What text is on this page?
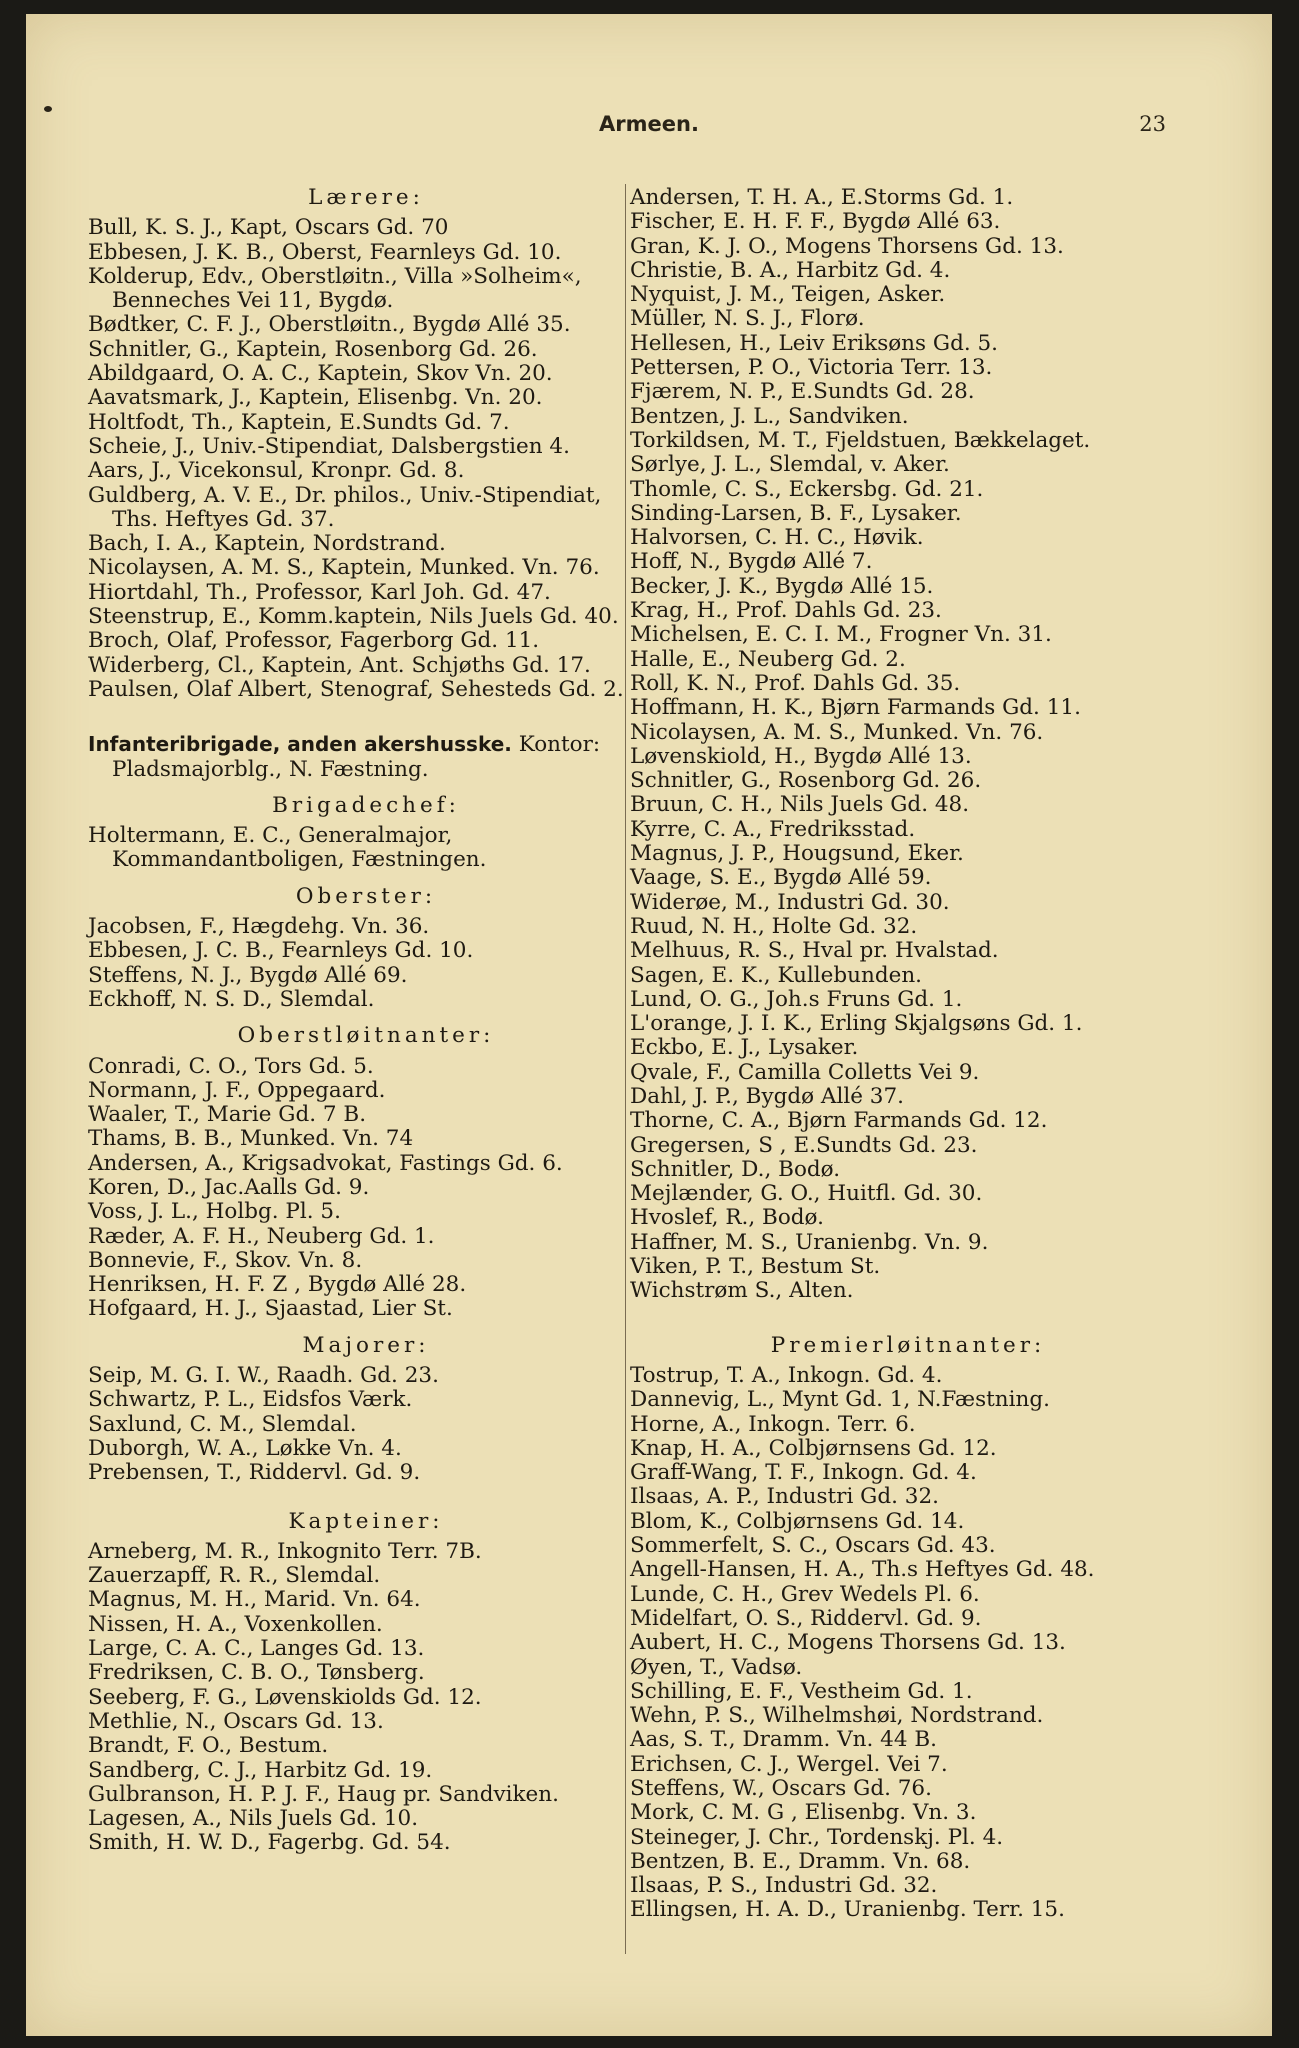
Armeen.	23
Lærere:
Bull, K. S. J., Kapt, Oscars Gd. 70
Ebbesen, J. K. B., Oberst, Fearnleys Gd. 10.
Kolderup, Edv., Oberstløitn., Villa »Solheim«, Benneches Vei 11, Bygdø.
Bødtker, C. F. J., Oberstløitn., Bygdø Allé 35.
Schnitler, G., Kaptein, Rosenborg Gd. 26.
Abildgaard, O. A. C., Kaptein, Skov Vn. 20.
Aavatsmark, J., Kaptein, Elisenbg. Vn. 20.
Holtfodt, Th., Kaptein, E.Sundts Gd. 7.
Scheie, J., Univ.-Stipendiat, Dalsbergstien 4.
Aars, J., Vicekonsul, Kronpr. Gd. 8.
Guldberg, A. V. E., Dr. philos., Univ.-Stipendiat, Ths. Heftyes Gd. 37.
Bach, I. A., Kaptein, Nordstrand.
Nicolaysen, A. M. S., Kaptein, Munked. Vn. 76.
Hiortdahl, Th., Professor, Karl Joh. Gd. 47.
Steenstrup, E., Komm.kaptein, Nils Juels Gd. 40.
Broch, Olaf, Professor, Fagerborg Gd. 11.
Widerberg, Cl., Kaptein, Ant. Schjøths Gd. 17.
Paulsen, Olaf Albert, Stenograf, Sehesteds Gd. 2.
Infanteribrigade, anden akershusske. Kontor: Pladsmajorblg., N. Fæstning.
Brigadechef:
Holtermann, E. C., Generalmajor, Kommandantboligen, Fæstningen.
Oberster:
Jacobsen, F., Hægdehg. Vn. 36.
Ebbesen, J. C. B., Fearnleys Gd. 10.
Steffens, N. J., Bygdø Allé 69.
Eckhoff, N. S. D., Slemdal.
Oberstløitnanter:
Conradi, C. O., Tors Gd. 5.
Normann, J. F., Oppegaard.
Waaler, T., Marie Gd. 7 B.
Thams, B. B., Munked. Vn. 74
Andersen, A., Krigsadvokat, Fastings Gd. 6.
Koren, D., Jac.Aalls Gd. 9.
Voss, J. L., Holbg. Pl. 5.
Ræder, A. F. H., Neuberg Gd. 1.
Bonnevie, F., Skov. Vn. 8.
Henriksen, H. F. Z , Bygdø Allé 28.
Hofgaard, H. J., Sjaastad, Lier St.
Majorer:
Seip, M. G. I. W., Raadh. Gd. 23.
Schwartz, P. L., Eidsfos Værk.
Saxlund, C. M., Slemdal.
Duborgh, W. A., Løkke Vn. 4.
Prebensen, T., Riddervl. Gd. 9.
Kapteiner:
Arneberg, M. R., Inkognito Terr. 7B.
Zauerzapff, R. R., Slemdal.
Magnus, M. H., Marid. Vn. 64.
Nissen, H. A., Voxenkollen.
Large, C. A. C., Langes Gd. 13.
Fredriksen, C. B. O., Tønsberg.
Seeberg, F. G., Løvenskiolds Gd. 12.
Methlie, N., Oscars Gd. 13.
Brandt, F. O., Bestum.
Sandberg, C. J., Harbitz Gd. 19.
Gulbranson, H. P. J. F., Haug pr. Sandviken.
Lagesen, A., Nils Juels Gd. 10.
Smith, H. W. D., Fagerbg. Gd. 54.
Andersen, T. H. A., E.Storms Gd. 1.
Fischer, E. H. F. F., Bygdø Allé 63.
Gran, K. J. O., Mogens Thorsens Gd. 13.
Christie, B. A., Harbitz Gd. 4.
Nyquist, J. M., Teigen, Asker.
Müller, N. S. J., Florø.
Hellesen, H., Leiv Eriksøns Gd. 5.
Pettersen, P. O., Victoria Terr. 13.
Fjærem, N. P., E.Sundts Gd. 28.
Bentzen, J. L., Sandviken.
Torkildsen, M. T., Fjeldstuen, Bækkelaget.
Sørlye, J. L., Slemdal, v. Aker.
Thomle, C. S., Eckersbg. Gd. 21.
Sinding-Larsen, B. F., Lysaker.
Halvorsen, C. H. C., Høvik.
Hoff, N., Bygdø Allé 7.
Becker, J. K., Bygdø Allé 15.
Krag, H., Prof. Dahls Gd. 23.
Michelsen, E. C. I. M., Frogner Vn. 31.
Halle, E., Neuberg Gd. 2.
Roll, K. N., Prof. Dahls Gd. 35.
Hoffmann, H. K., Bjørn Farmands Gd. 11.
Nicolaysen, A. M. S., Munked. Vn. 76.
Løvenskiold, H., Bygdø Allé 13.
Schnitler, G., Rosenborg Gd. 26.
Bruun, C. H., Nils Juels Gd. 48.
Kyrre, C. A., Fredriksstad.
Magnus, J. P., Hougsund, Eker.
Vaage, S. E., Bygdø Allé 59.
Widerøe, M., Industri Gd. 30.
Ruud, N. H., Holte Gd. 32.
Melhuus, R. S., Hval pr. Hvalstad.
Sagen, E. K., Kullebunden.
Lund, O. G., Joh.s Fruns Gd. 1.
L'orange, J. I. K., Erling Skjalgsøns Gd. 1.
Eckbo, E. J., Lysaker.
Qvale, F., Camilla Colletts Vei 9.
Dahl, J. P., Bygdø Allé 37.
Thorne, C. A., Bjørn Farmands Gd. 12.
Gregersen, S , E.Sundts Gd. 23.
Schnitler, D., Bodø.
Mejlænder, G. O., Huitfl. Gd. 30.
Hvoslef, R., Bodø.
Haffner, M. S., Uranienbg. Vn. 9.
Viken, P. T., Bestum St.
Wichstrøm S., Alten.
Premierløitnanter:
Tostrup, T. A., Inkogn. Gd. 4.
Dannevig, L., Mynt Gd. 1, N.Fæstning.
Horne, A., Inkogn. Terr. 6.
Knap, H. A., Colbjørnsens Gd. 12.
Graff-Wang, T. F., Inkogn. Gd. 4.
Ilsaas, A. P., Industri Gd. 32.
Blom, K., Colbjørnsens Gd. 14.
Sommerfelt, S. C., Oscars Gd. 43.
Angell-Hansen, H. A., Th.s Heftyes Gd. 48.
Lunde, C. H., Grev Wedels Pl. 6.
Midelfart, O. S., Riddervl. Gd. 9.
Aubert, H. C., Mogens Thorsens Gd. 13.
Øyen, T., Vadsø.
Schilling, E. F., Vestheim Gd. 1.
Wehn, P. S., Wilhelmshøi, Nordstrand.
Aas, S. T., Dramm. Vn. 44 B.
Erichsen, C. J., Wergel. Vei 7.
Steffens, W., Oscars Gd. 76.
Mork, C. M. G , Elisenbg. Vn. 3.
Steineger, J. Chr., Tordenskj. Pl. 4.
Bentzen, B. E., Dramm. Vn. 68.
Ilsaas, P. S., Industri Gd. 32.
Ellingsen, H. A. D., Uranienbg. Terr. 15.
